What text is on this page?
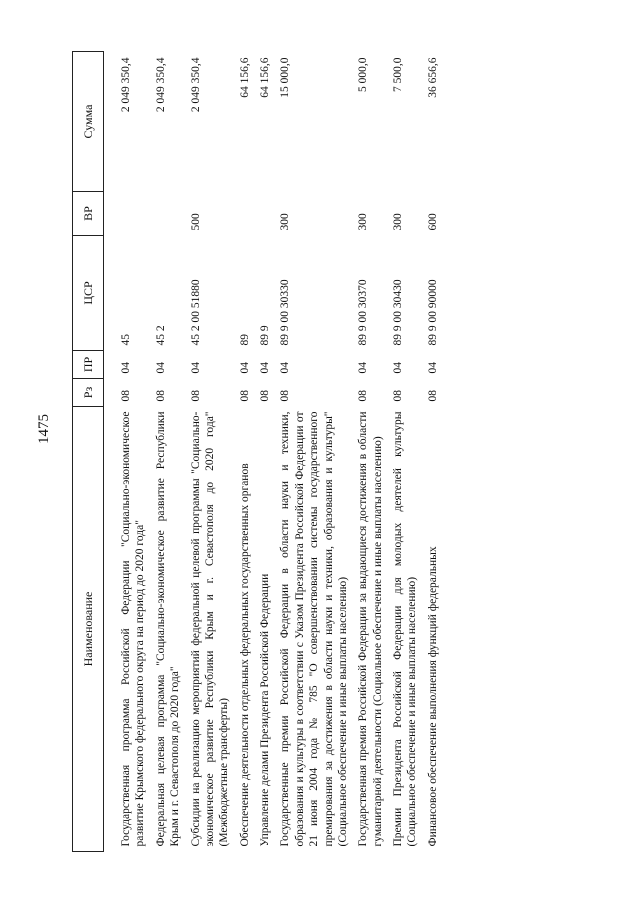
1475
Наименование	Рз	ПР	ЦСР	ВР	Сумма

Государственная программа Российской Федерации "Социально-экономическое развитие Крымского федерального округа на период до 2020 года"	08	04	45		2 049 350,4
Федеральная целевая программа "Социально-экономическое развитие Республики Крым и г. Севастополя до 2020 года"	08	04	45 2		2 049 350,4
Субсидии на реализацию мероприятий федеральной целевой программы "Социально-экономическое развитие Республики Крым и г. Севастополя до 2020 года" (Межбюджетные трансферты)	08	04	45 2 00 51880	500	2 049 350,4
Обеспечение деятельности отдельных федеральных государственных органов	08	04	89		64 156,6
Управление делами Президента Российской Федерации	08	04	89 9		64 156,6
Государственные премии Российской Федерации в области науки и техники, образования и культуры в соответствии с Указом Президента Российской Федерации от 21 июня 2004 года № 785 "О совершенствовании системы государственного премирования за достижения в области науки и техники, образования и культуры" (Социальное обеспечение и иные выплаты населению)	08	04	89 9 00 30330	300	15 000,0
Государственная премия Российской Федерации за выдающиеся достижения в области гуманитарной деятельности (Социальное обеспечение и иные выплаты населению)	08	04	89 9 00 30370	300	5 000,0
Премии Президента Российской Федерации для молодых деятелей культуры (Социальное обеспечение и иные выплаты населению)	08	04	89 9 00 30430	300	7 500,0
Финансовое обеспечение выполнения функций федеральных	08	04	89 9 00 90000	600	36 656,6
